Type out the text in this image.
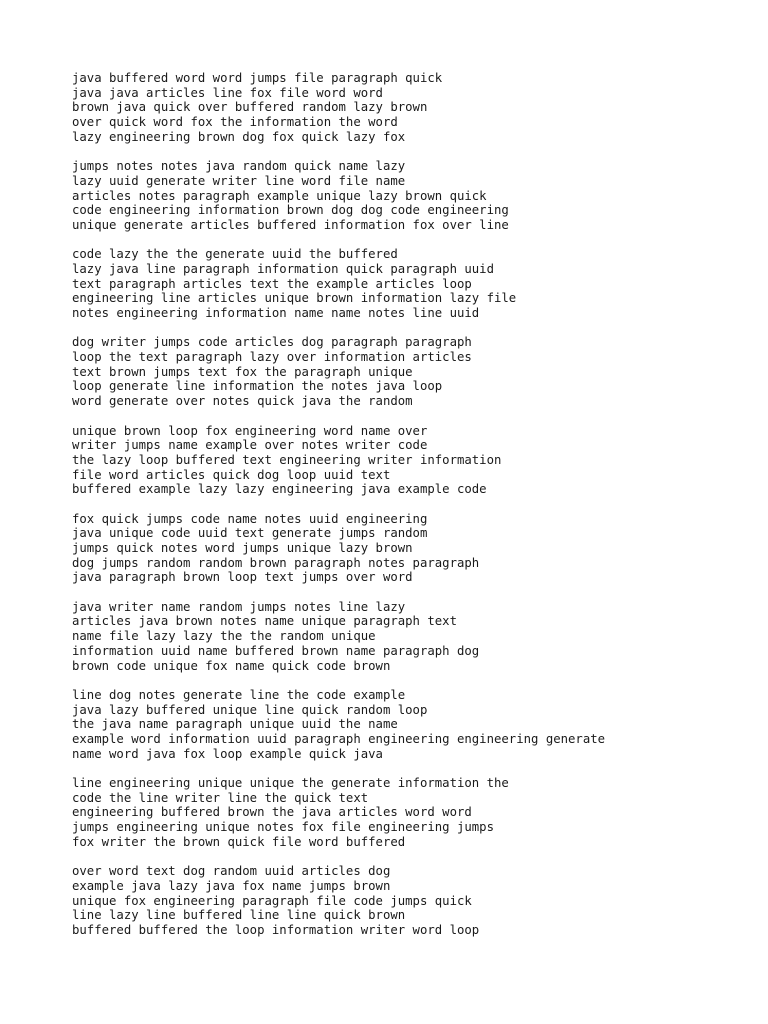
java buffered word word jumps file paragraph quick
java java articles line fox file word word
brown java quick over buffered random lazy brown
over quick word fox the information the word
lazy engineering brown dog fox quick lazy fox
jumps notes notes java random quick name lazy
lazy uuid generate writer line word file name
articles notes paragraph example unique lazy brown quick
code engineering information brown dog dog code engineering
unique generate articles buffered information fox over line
code lazy the the generate uuid the buffered
lazy java line paragraph information quick paragraph uuid
text paragraph articles text the example articles loop
engineering line articles unique brown information lazy file
notes engineering information name name notes line uuid
dog writer jumps code articles dog paragraph paragraph
loop the text paragraph lazy over information articles
text brown jumps text fox the paragraph unique
loop generate line information the notes java loop
word generate over notes quick java the random
unique brown loop fox engineering word name over
writer jumps name example over notes writer code
the lazy loop buffered text engineering writer information
file word articles quick dog loop uuid text
buffered example lazy lazy engineering java example code
fox quick jumps code name notes uuid engineering
java unique code uuid text generate jumps random
jumps quick notes word jumps unique lazy brown
dog jumps random random brown paragraph notes paragraph
java paragraph brown loop text jumps over word
java writer name random jumps notes line lazy
articles java brown notes name unique paragraph text
name file lazy lazy the the random unique
information uuid name buffered brown name paragraph dog
brown code unique fox name quick code brown
line dog notes generate line the code example
java lazy buffered unique line quick random loop
the java name paragraph unique uuid the name
example word information uuid paragraph engineering engineering generate
name word java fox loop example quick java
line engineering unique unique the generate information the
code the line writer line the quick text
engineering buffered brown the java articles word word
jumps engineering unique notes fox file engineering jumps
fox writer the brown quick file word buffered
over word text dog random uuid articles dog
example java lazy java fox name jumps brown
unique fox engineering paragraph file code jumps quick
line lazy line buffered line line quick brown
buffered buffered the loop information writer word loop
